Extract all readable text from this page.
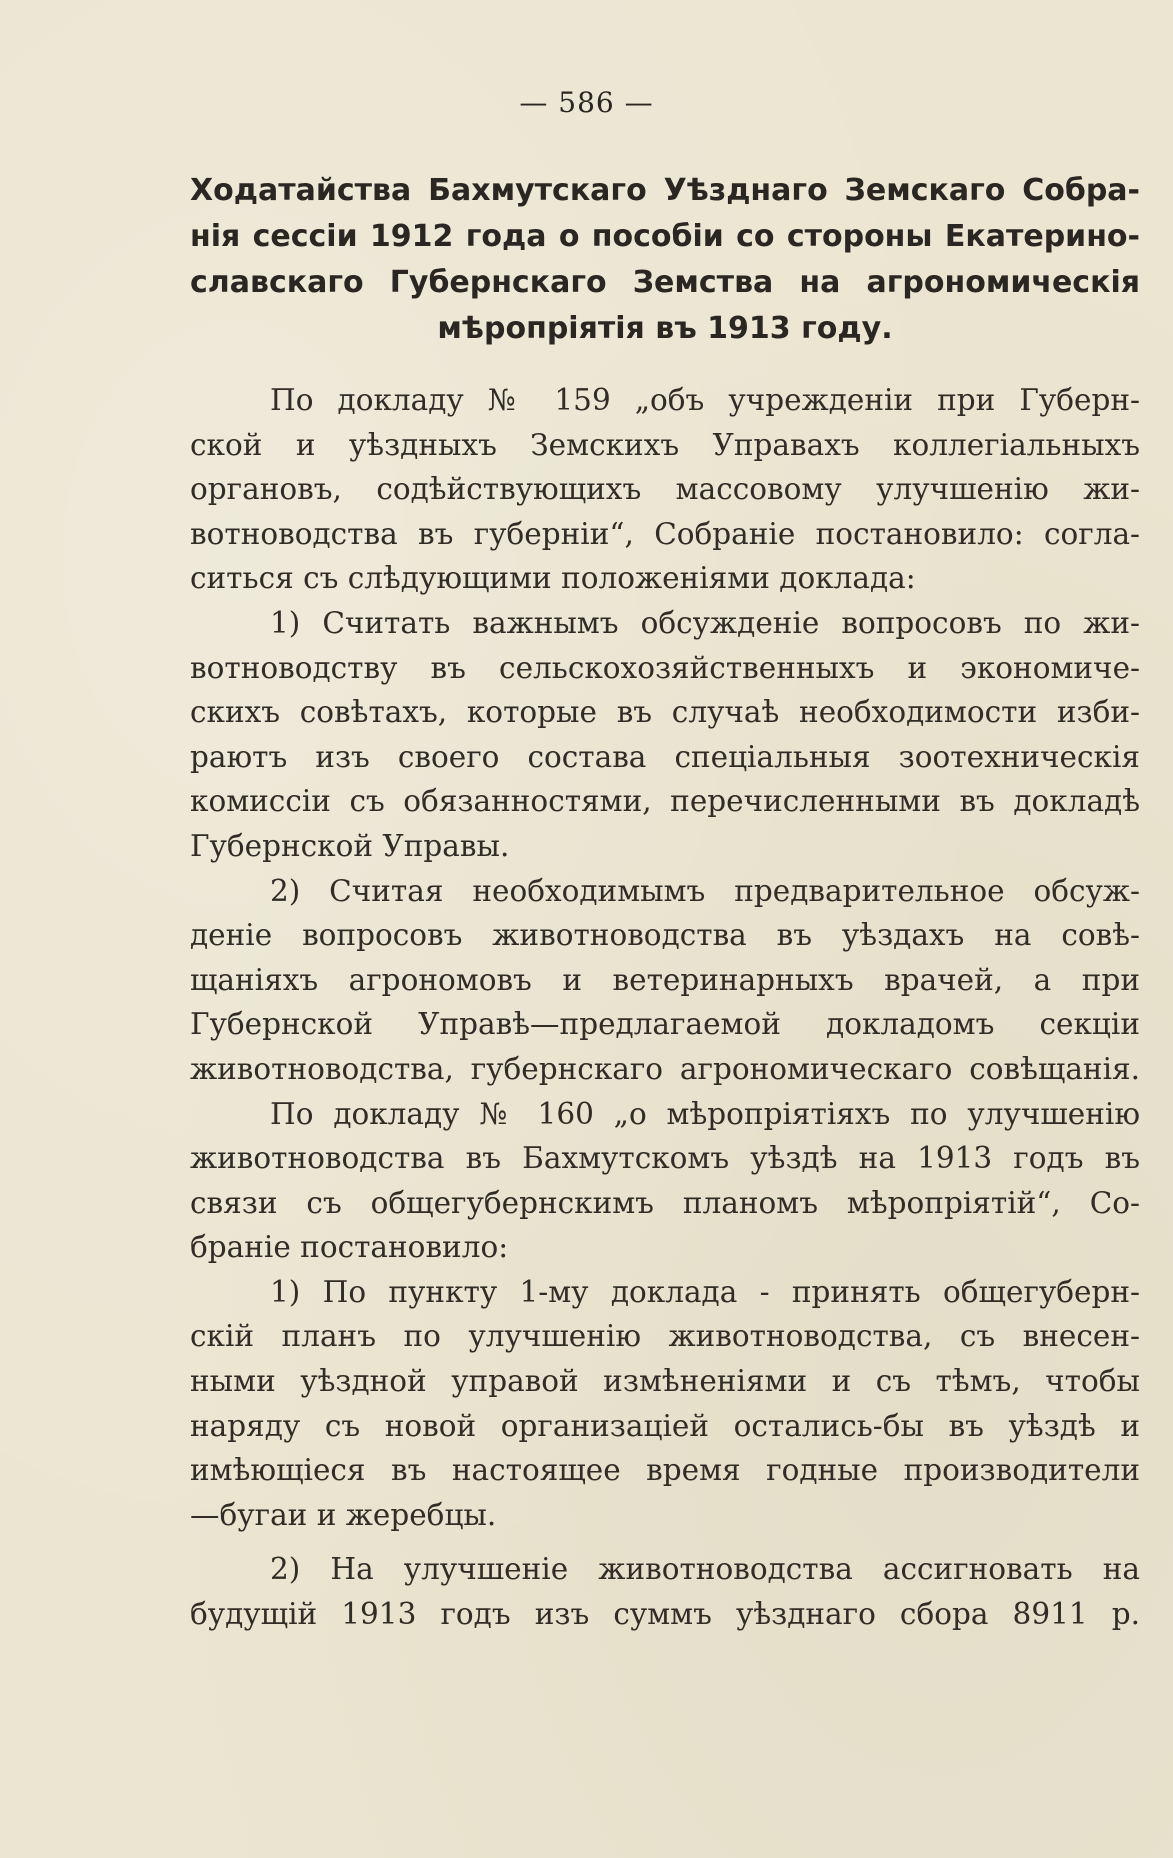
— 586 —
Ходатайства Бахмутскаго Уѣзднаго Земскаго Собра-
нія сессіи 1912 года о пособіи со стороны Екатерино-
славскаго Губернскаго Земства на агрономическія
мѣропріятія въ 1913 году.
По докладу № 159 „объ учрежденіи при Губерн-
ской и уѣздныхъ Земскихъ Управахъ коллегіальныхъ
органовъ, содѣйствующихъ массовому улучшенію жи-
вотноводства въ губерніи“, Собраніе постановило: согла-
ситься съ слѣдующими положеніями доклада:
1) Считать важнымъ обсужденіе вопросовъ по жи-
вотноводству въ сельскохозяйственныхъ и экономиче-
скихъ совѣтахъ, которые въ случаѣ необходимости изби-
раютъ изъ своего состава спеціальныя зоотехническія
комиссіи съ обязанностями, перечисленными въ докладѣ
Губернской Управы.
2) Считая необходимымъ предварительное обсуж-
деніе вопросовъ животноводства въ уѣздахъ на совѣ-
щаніяхъ агрономовъ и ветеринарныхъ врачей, а при
Губернской Управѣ—предлагаемой докладомъ секціи
животноводства, губернскаго агрономическаго совѣщанія.
По докладу № 160 „о мѣропріятіяхъ по улучшенію
животноводства въ Бахмутскомъ уѣздѣ на 1913 годъ въ
связи съ общегубернскимъ планомъ мѣропріятій“, Со-
браніе постановило:
1) По пункту 1-му доклада - принять общегуберн-
скій планъ по улучшенію животноводства, съ внесен-
ными уѣздной управой измѣненіями и съ тѣмъ, чтобы
наряду съ новой организаціей остались-бы въ уѣздѣ и
имѣющіеся въ настоящее время годные производители
—бугаи и жеребцы.
2) На улучшеніе животноводства ассигновать на
будущій 1913 годъ изъ суммъ уѣзднаго сбора 8911 р.
